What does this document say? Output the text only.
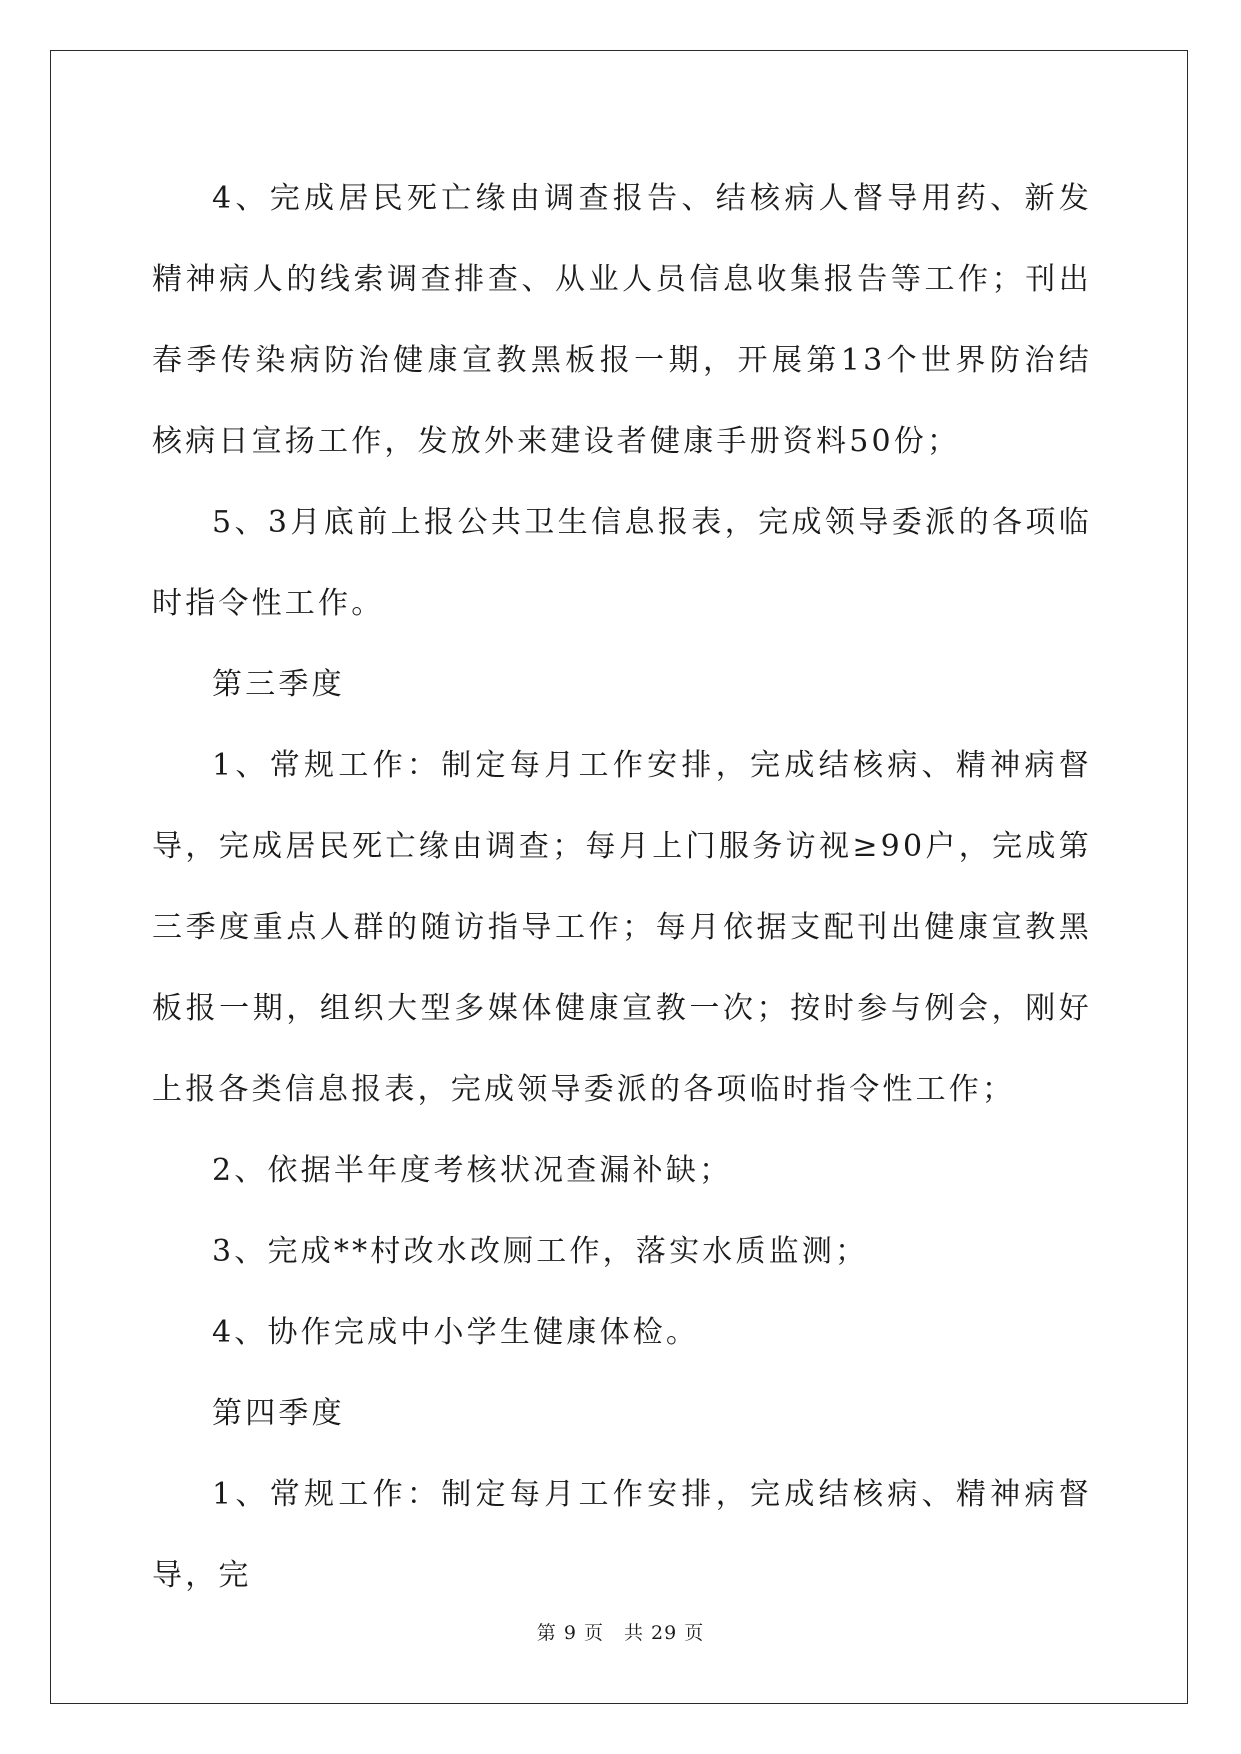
4、完成居民死亡缘由调查报告、结核病人督导用药、新发精神病人的线索调查排查、从业人员信息收集报告等工作；刊出春季传染病防治健康宣教黑板报一期，开展第13个世界防治结核病日宣扬工作，发放外来建设者健康手册资料50份；

5、3月底前上报公共卫生信息报表，完成领导委派的各项临时指令性工作。

第三季度

1、常规工作：制定每月工作安排，完成结核病、精神病督导，完成居民死亡缘由调查；每月上门服务访视≥90户，完成第三季度重点人群的随访指导工作；每月依据支配刊出健康宣教黑板报一期，组织大型多媒体健康宣教一次；按时参与例会，刚好上报各类信息报表，完成领导委派的各项临时指令性工作；

2、依据半年度考核状况查漏补缺；

3、完成**村改水改厕工作，落实水质监测；

4、协作完成中小学生健康体检。

第四季度

1、常规工作：制定每月工作安排，完成结核病、精神病督导，完

第 9 页　共 29 页
